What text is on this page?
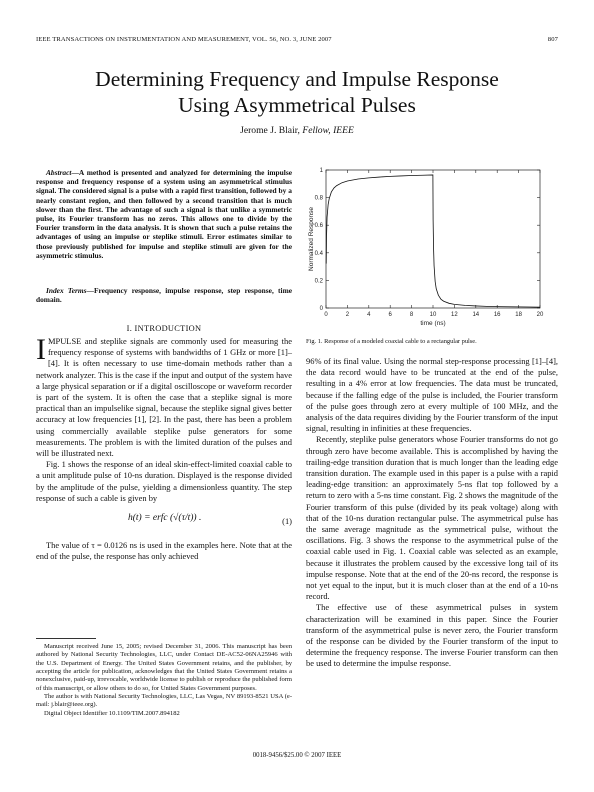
IEEE TRANSACTIONS ON INSTRUMENTATION AND MEASUREMENT, VOL. 56, NO. 3, JUNE 2007	807
Determining Frequency and Impulse Response
Using Asymmetrical Pulses
Jerome J. Blair, Fellow, IEEE
Abstract—A method is presented and analyzed for determining the impulse response and frequency response of a system using an asymmetrical stimulus signal. The considered signal is a pulse with a rapid first transition, followed by a nearly constant region, and then followed by a second transition that is much slower than the first. The advantage of such a signal is that unlike a symmetric pulse, its Fourier transform has no zeros. This allows one to divide by the Fourier transform in the data analysis. It is shown that such a pulse retains the advantages of using an impulse or steplike stimuli. Error estimates similar to those previously published for impulse and steplike stimuli are given for the asymmetric stimulus.
Index Terms—Frequency response, impulse response, step response, time domain.
I. INTRODUCTION

IMPULSE and steplike signals are commonly used for measuring the frequency response of systems with bandwidths of 1 GHz or more [1]–[4]. It is often necessary to use time-domain methods rather than a network analyzer. This is the case if the input and output of the system have a large physical separation or if a digital oscilloscope or waveform recorder is part of the system. It is often the case that a steplike signal is more practical than an impulselike signal, because the steplike signal gives better accuracy at low frequencies [1], [2]. In the past, there has been a problem using commercially available steplike pulse generators for some measurements. The problem is with the limited duration of the pulses and will be illustrated next.

Fig. 1 shows the response of an ideal skin-effect-limited coaxial cable to a unit amplitude pulse of 10-ns duration. Displayed is the response divided by the amplitude of the pulse, yielding a dimensionless quantity. The step response of such a cable is given by

h(t) = erfc (√(τ/t)) .	(1)

The value of τ = 0.0126 ns is used in the examples here. Note that at the end of the pulse, the response has only achieved

Manuscript received June 15, 2005; revised December 31, 2006. This manuscript has been authored by National Security Technologies, LLC, under Contact DE-AC52-06NA25946 with the U.S. Department of Energy. The United States Government retains, and the publisher, by accepting the article for publication, acknowledges that the United States Government retains a nonexclusive, paid-up, irrevocable, worldwide license to publish or reproduce the published form of this manuscript, or allow others to do so, for United States Government purposes.

The author is with National Security Technologies, LLC, Las Vegas, NV 89193-8521 USA (e-mail: j.blair@ieee.org).

Digital Object Identifier 10.1109/TIM.2007.894182

0	2	4	6	8	10 12 14 16 18 20
0
0.2
0.4
0.6
0.8
1
time (ns)
Normalized Response
Fig. 1. Response of a modeled coaxial cable to a rectangular pulse.

96% of its final value. Using the normal step-response processing [1]–[4], the data record would have to be truncated at the end of the pulse, resulting in a 4% error at low frequencies. The data must be truncated, because if the falling edge of the pulse is included, the Fourier transform of the pulse goes through zero at every multiple of 100 MHz, and the analysis of the data requires dividing by the Fourier transform of the input signal, resulting in infinities at these frequencies.

Recently, steplike pulse generators whose Fourier transforms do not go through zero have become available. This is accomplished by having the trailing-edge transition duration that is much longer than the leading edge transition duration. The example used in this paper is a pulse with a rapid leading-edge transition: an approximately 5-ns flat top followed by a return to zero with a 5-ns time constant. Fig. 2 shows the magnitude of the Fourier transform of this pulse (divided by its peak voltage) along with that of the 10-ns duration rectangular pulse. The asymmetrical pulse has the same average magnitude as the symmetrical pulse, without the oscillations. Fig. 3 shows the response to the asymmetrical pulse of the coaxial cable used in Fig. 1. Coaxial cable was selected as an example, because it illustrates the problem caused by the excessive long tail of its impulse response. Note that at the end of the 20-ns record, the response is not yet equal to the input, but it is much closer than at the end of a 10-ns record.

The effective use of these asymmetrical pulses in system characterization will be examined in this paper. Since the Fourier transform of the asymmetrical pulse is never zero, the Fourier transform of the response can be divided by the Fourier transform of the input to determine the frequency response. The inverse Fourier transform can then be used to determine the impulse response.

0018-9456/$25.00 © 2007 IEEE
